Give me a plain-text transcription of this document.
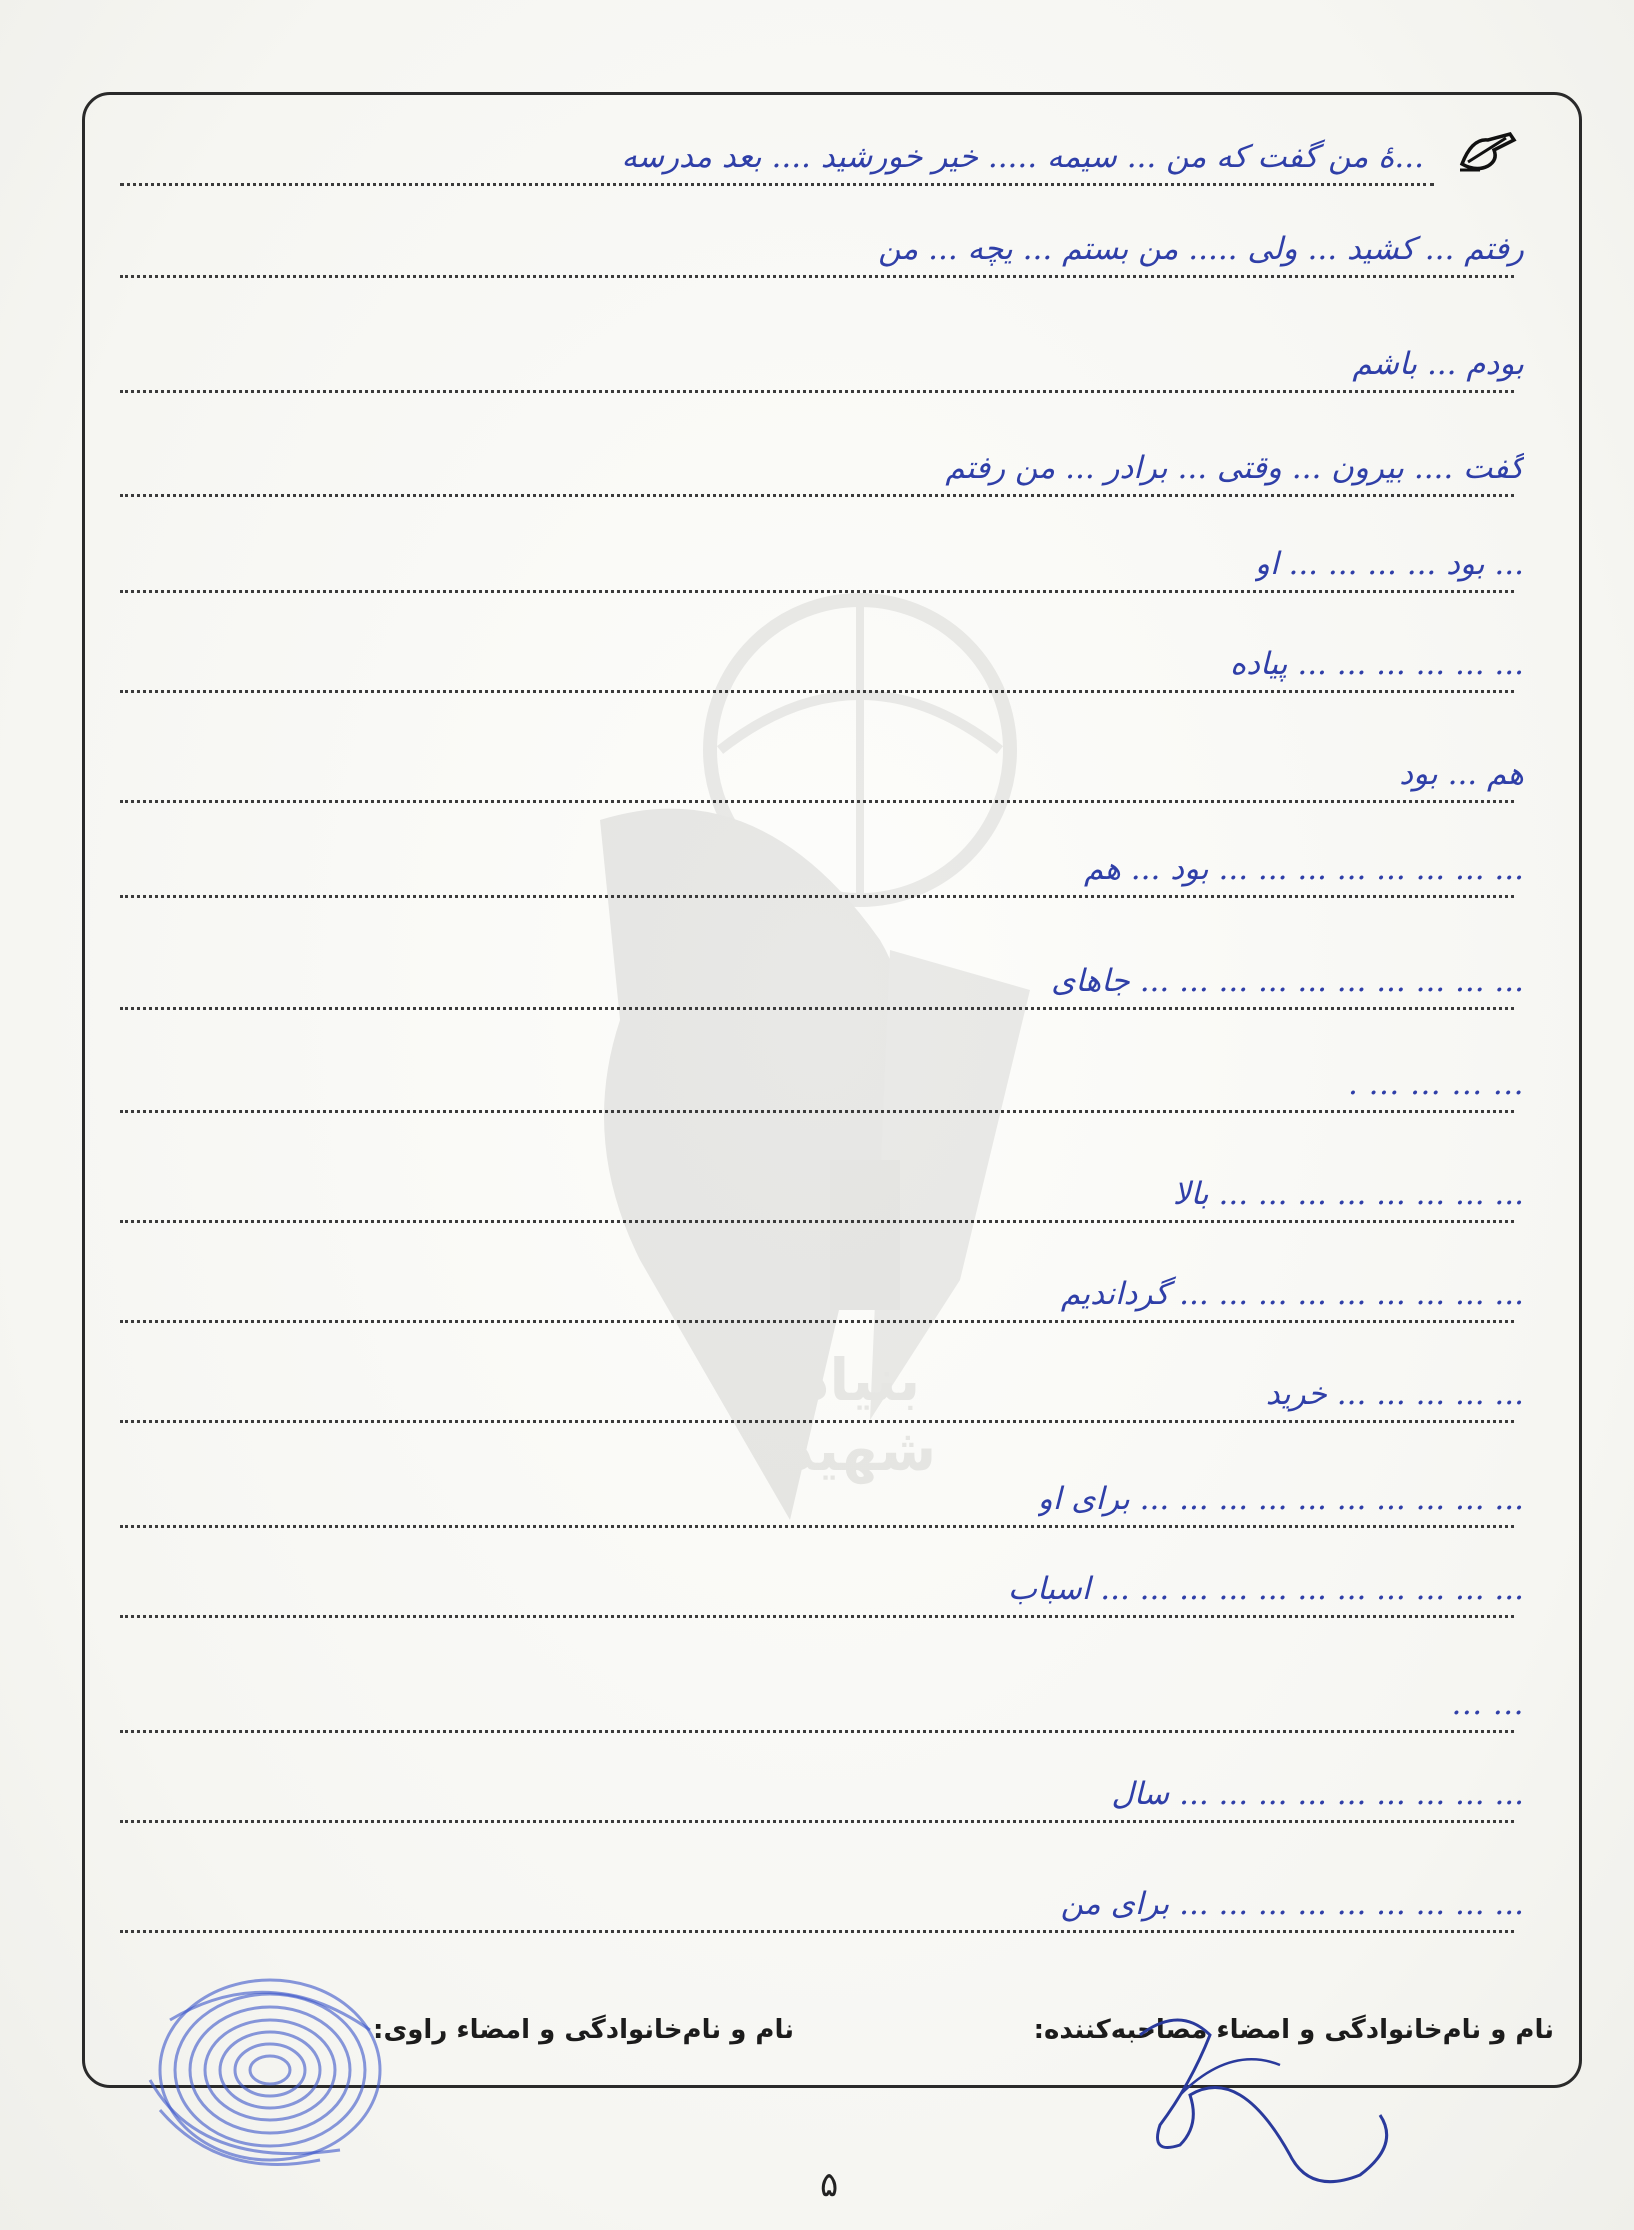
بنیاد
شهید
...ۀ من گفت که من ... سیمه ..... خیر خورشید .... بعد مدرسه
رفتم ... کشید ... ولی ..... من بستم ... یچه ... من
بودم ... باشم
گفت .... بیرون ... وقتی ... برادر ... من رفتم
... بود ... ... ... ... او
... ... ... ... ... ... پیاده
هم ... بود
... ... ... ... ... ... ... ... بود ... هم
... ... ... ... ... ... ... ... ... ... جاهای
... ... ... ... .
... ... ... ... ... ... ... ... بالا
... ... ... ... ... ... ... ... ... گرداندیم
... ... ... ... ... خرید
... ... ... ... ... ... ... ... ... ... برای او
... ... ... ... ... ... ... ... ... ... ... اسباب
... ...
... ... ... ... ... ... ... ... ... سال
... ... ... ... ... ... ... ... ... برای من
نام و نام‌خانوادگی و امضاء مصاحبه‌کننده:
نام و نام‌خانوادگی و امضاء راوی:
۵
